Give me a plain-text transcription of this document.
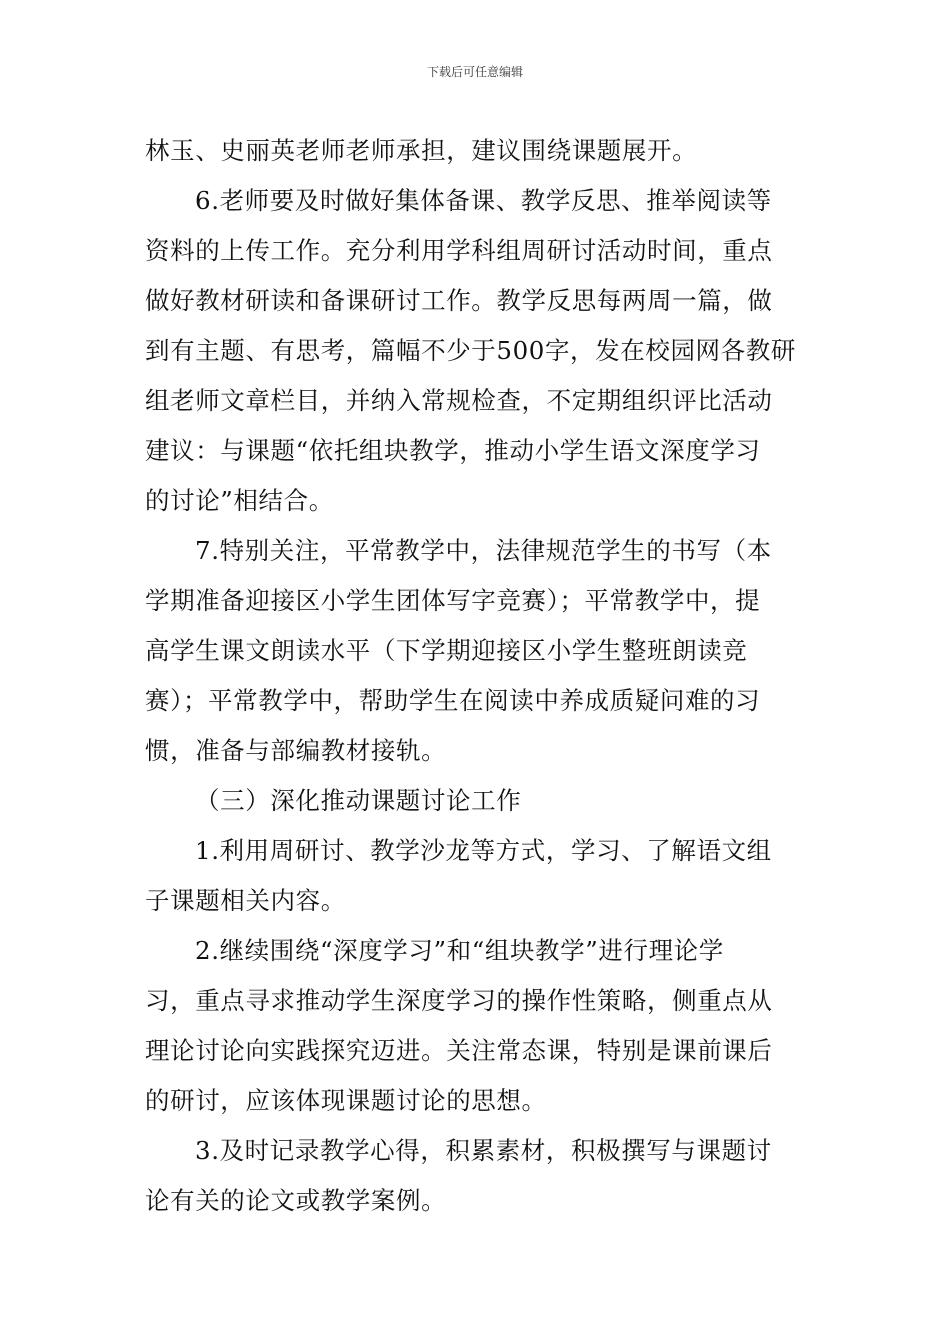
下载后可任意编辑
林玉、史丽英老师老师承担，建议围绕课题展开。
6.老师要及时做好集体备课、教学反思、推举阅读等
资料的上传工作。充分利用学科组周研讨活动时间，重点
做好教材研读和备课研讨工作。教学反思每两周一篇，做
到有主题、有思考，篇幅不少于500字，发在校园网各教研
组老师文章栏目，并纳入常规检查，不定期组织评比活动
建议：与课题“依托组块教学，推动小学生语文深度学习
的讨论”相结合。
7.特别关注，平常教学中，法律规范学生的书写（本
学期准备迎接区小学生团体写字竞赛）；平常教学中，提
高学生课文朗读水平（下学期迎接区小学生整班朗读竞
赛）；平常教学中，帮助学生在阅读中养成质疑问难的习
惯，准备与部编教材接轨。
（三）深化推动课题讨论工作
1.利用周研讨、教学沙龙等方式，学习、了解语文组
子课题相关内容。
2.继续围绕“深度学习”和“组块教学”进行理论学
习，重点寻求推动学生深度学习的操作性策略，侧重点从
理论讨论向实践探究迈进。关注常态课，特别是课前课后
的研讨，应该体现课题讨论的思想。
3.及时记录教学心得，积累素材，积极撰写与课题讨
论有关的论文或教学案例。
